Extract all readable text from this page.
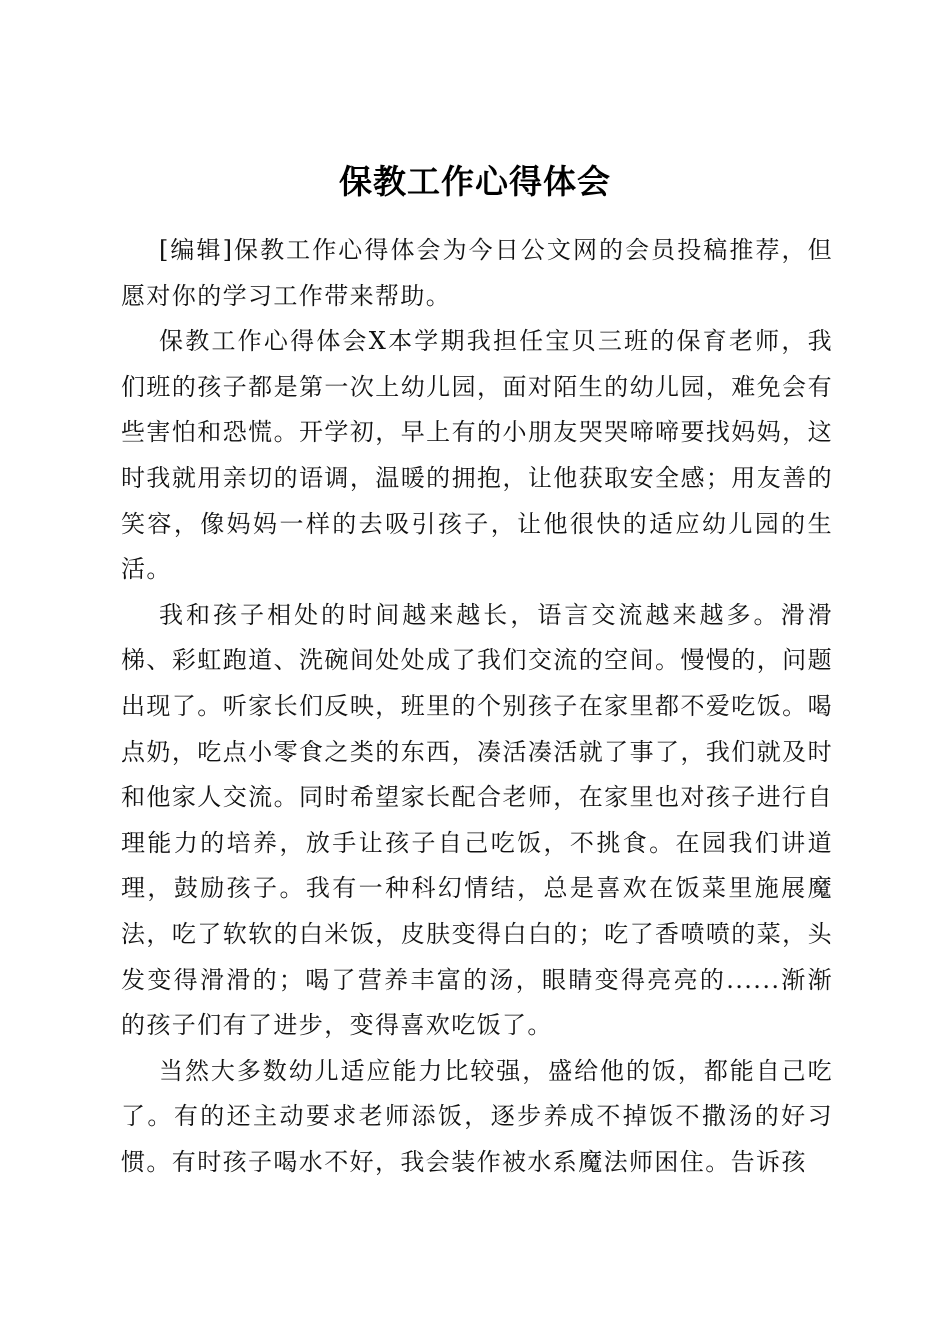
保教工作心得体会

[编辑]保教工作心得体会为今日公文网的会员投稿推荐，但愿对你的学习工作带来帮助。

保教工作心得体会X本学期我担任宝贝三班的保育老师，我们班的孩子都是第一次上幼儿园，面对陌生的幼儿园，难免会有些害怕和恐慌。开学初，早上有的小朋友哭哭啼啼要找妈妈，这时我就用亲切的语调，温暖的拥抱，让他获取安全感；用友善的笑容，像妈妈一样的去吸引孩子，让他很快的适应幼儿园的生活。

我和孩子相处的时间越来越长，语言交流越来越多。滑滑梯、彩虹跑道、洗碗间处处成了我们交流的空间。慢慢的，问题出现了。听家长们反映，班里的个别孩子在家里都不爱吃饭。喝点奶，吃点小零食之类的东西，凑活凑活就了事了，我们就及时和他家人交流。同时希望家长配合老师，在家里也对孩子进行自理能力的培养，放手让孩子自己吃饭，不挑食。在园我们讲道理，鼓励孩子。我有一种科幻情结，总是喜欢在饭菜里施展魔法，吃了软软的白米饭，皮肤变得白白的；吃了香喷喷的菜，头发变得滑滑的；喝了营养丰富的汤，眼睛变得亮亮的......渐渐的孩子们有了进步，变得喜欢吃饭了。

当然大多数幼儿适应能力比较强，盛给他的饭，都能自己吃了。有的还主动要求老师添饭，逐步养成不掉饭不撒汤的好习惯。有时孩子喝水不好，我会装作被水系魔法师困住。告诉孩
